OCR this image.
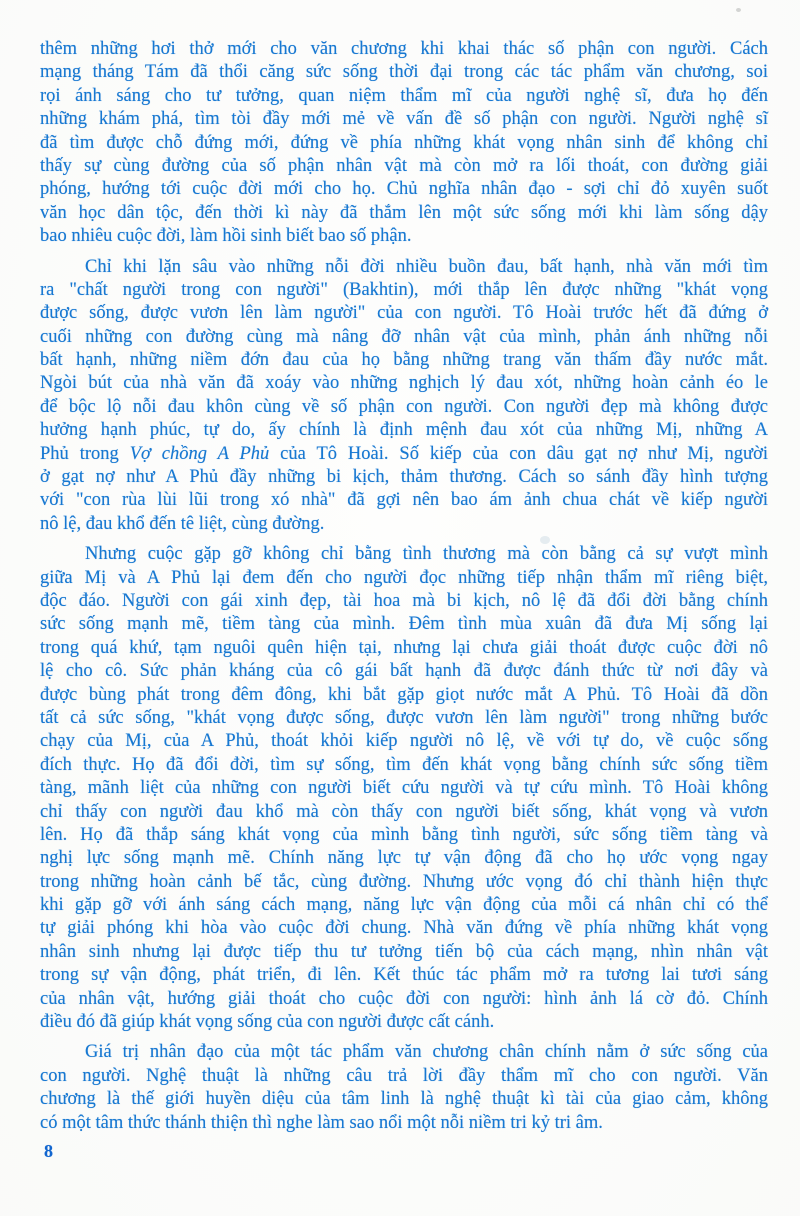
thêm những hơi thở mới cho văn chương khi khai thác số phận con người. Cách
mạng tháng Tám đã thổi căng sức sống thời đại trong các tác phẩm văn chương, soi
rọi ánh sáng cho tư tưởng, quan niệm thẩm mĩ của người nghệ sĩ, đưa họ đến
những khám phá, tìm tòi đầy mới mẻ về vấn đề số phận con người. Người nghệ sĩ
đã tìm được chỗ đứng mới, đứng về phía những khát vọng nhân sinh để không chỉ
thấy sự cùng đường của số phận nhân vật mà còn mở ra lối thoát, con đường giải
phóng, hướng tới cuộc đời mới cho họ. Chủ nghĩa nhân đạo - sợi chỉ đỏ xuyên suốt
văn học dân tộc, đến thời kì này đã thắm lên một sức sống mới khi làm sống dậy
bao nhiêu cuộc đời, làm hồi sinh biết bao số phận.
Chỉ khi lặn sâu vào những nỗi đời nhiều buồn đau, bất hạnh, nhà văn mới tìm
ra "chất người trong con người" (Bakhtin), mới thắp lên được những "khát vọng
được sống, được vươn lên làm người" của con người. Tô Hoài trước hết đã đứng ở
cuối những con đường cùng mà nâng đỡ nhân vật của mình, phản ánh những nỗi
bất hạnh, những niềm đớn đau của họ bằng những trang văn thấm đầy nước mắt.
Ngòi bút của nhà văn đã xoáy vào những nghịch lý đau xót, những hoàn cảnh éo le
để bộc lộ nỗi đau khôn cùng về số phận con người. Con người đẹp mà không được
hưởng hạnh phúc, tự do, ấy chính là định mệnh đau xót của những Mị, những A
Phủ trong Vợ chồng A Phủ của Tô Hoài. Số kiếp của con dâu gạt nợ như Mị, người
ở gạt nợ như A Phủ đầy những bi kịch, thảm thương. Cách so sánh đầy hình tượng
với "con rùa lùi lũi trong xó nhà" đã gợi nên bao ám ảnh chua chát về kiếp người
nô lệ, đau khổ đến tê liệt, cùng đường.
Nhưng cuộc gặp gỡ không chỉ bằng tình thương mà còn bằng cả sự vượt mình
giữa Mị và A Phủ lại đem đến cho người đọc những tiếp nhận thẩm mĩ riêng biệt,
độc đáo. Người con gái xinh đẹp, tài hoa mà bi kịch, nô lệ đã đổi đời bằng chính
sức sống mạnh mẽ, tiềm tàng của mình. Đêm tình mùa xuân đã đưa Mị sống lại
trong quá khứ, tạm nguôi quên hiện tại, nhưng lại chưa giải thoát được cuộc đời nô
lệ cho cô. Sức phản kháng của cô gái bất hạnh đã được đánh thức từ nơi đây và
được bùng phát trong đêm đông, khi bắt gặp giọt nước mắt A Phủ. Tô Hoài đã dồn
tất cả sức sống, "khát vọng được sống, được vươn lên làm người" trong những bước
chạy của Mị, của A Phủ, thoát khỏi kiếp người nô lệ, về với tự do, về cuộc sống
đích thực. Họ đã đổi đời, tìm sự sống, tìm đến khát vọng bằng chính sức sống tiềm
tàng, mãnh liệt của những con người biết cứu người và tự cứu mình. Tô Hoài không
chỉ thấy con người đau khổ mà còn thấy con người biết sống, khát vọng và vươn
lên. Họ đã thắp sáng khát vọng của mình bằng tình người, sức sống tiềm tàng và
nghị lực sống mạnh mẽ. Chính năng lực tự vận động đã cho họ ước vọng ngay
trong những hoàn cảnh bế tắc, cùng đường. Nhưng ước vọng đó chỉ thành hiện thực
khi gặp gỡ với ánh sáng cách mạng, năng lực vận động của mỗi cá nhân chỉ có thể
tự giải phóng khi hòa vào cuộc đời chung. Nhà văn đứng về phía những khát vọng
nhân sinh nhưng lại được tiếp thu tư tưởng tiến bộ của cách mạng, nhìn nhân vật
trong sự vận động, phát triển, đi lên. Kết thúc tác phẩm mở ra tương lai tươi sáng
của nhân vật, hướng giải thoát cho cuộc đời con người: hình ảnh lá cờ đỏ. Chính
điều đó đã giúp khát vọng sống của con người được cất cánh.
Giá trị nhân đạo của một tác phẩm văn chương chân chính nằm ở sức sống của
con người. Nghệ thuật là những câu trả lời đầy thẩm mĩ cho con người. Văn
chương là thế giới huyền diệu của tâm linh là nghệ thuật kì tài của giao cảm, không
có một tâm thức thánh thiện thì nghe làm sao nổi một nỗi niềm tri kỷ tri âm.
8
